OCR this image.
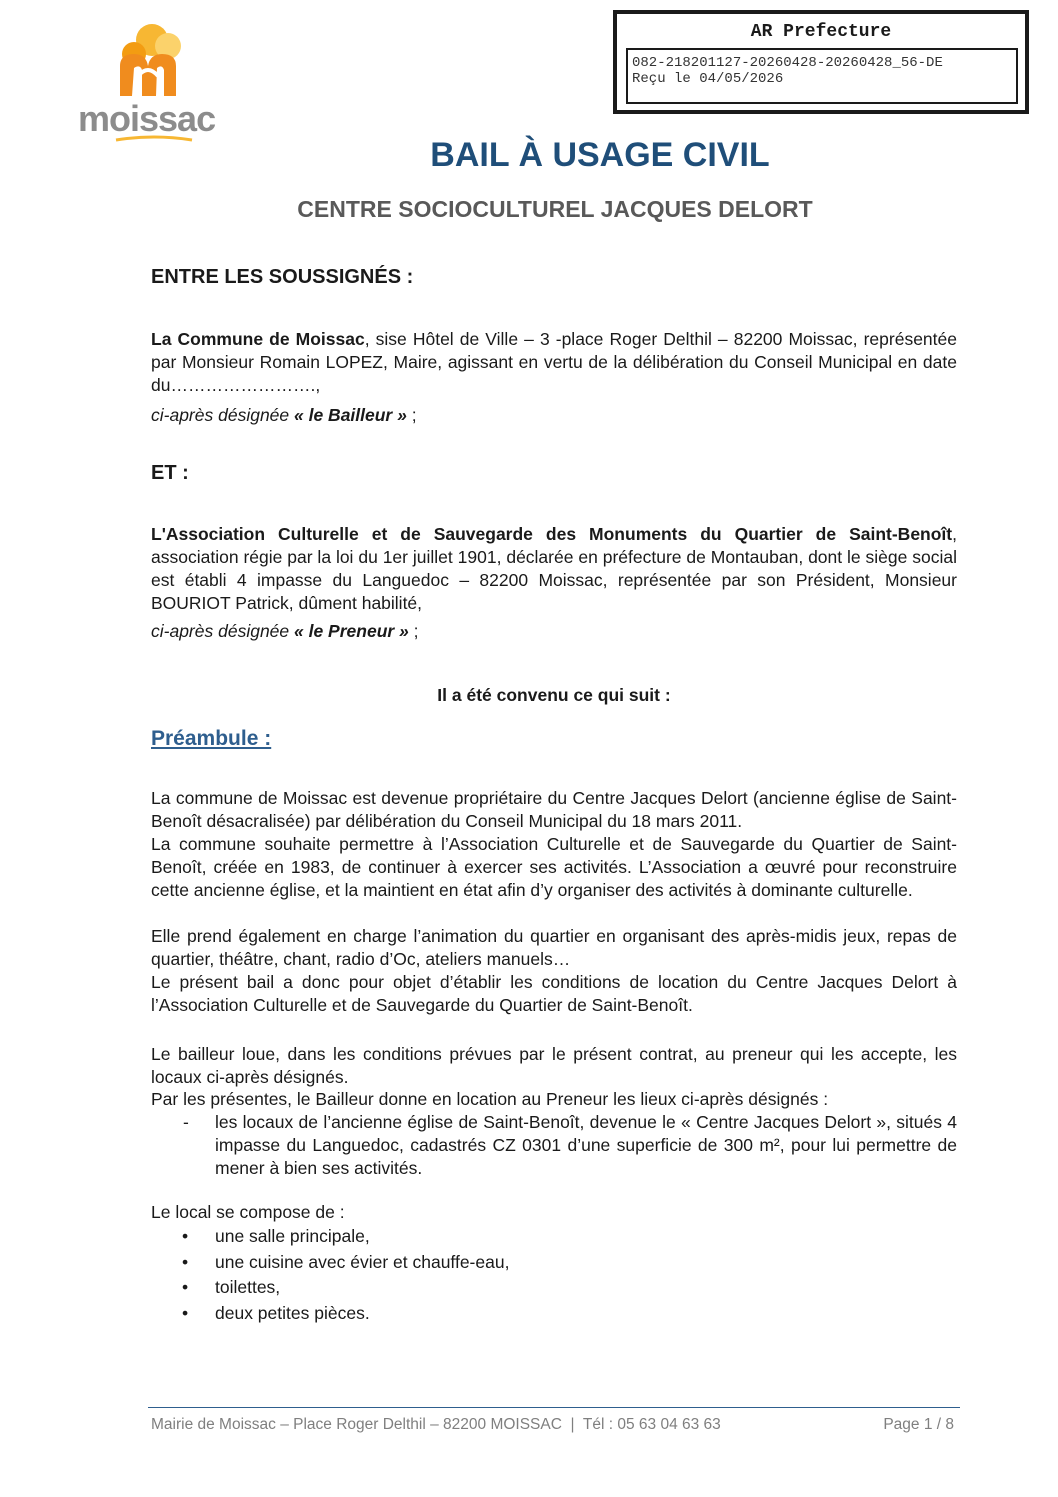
moissac
AR Prefecture
082-218201127-20260428-20260428_56-DE
Reçu le 04/05/2026
BAIL À USAGE CIVIL
CENTRE SOCIOCULTUREL JACQUES DELORT
ENTRE LES SOUSSIGNÉS :
La Commune de Moissac, sise Hôtel de Ville – 3 -place Roger Delthil – 82200 Moissac, représentée par Monsieur Romain LOPEZ, Maire, agissant en vertu de la délibération du Conseil Municipal en date du…………………….,
ci-après désignée « le Bailleur » ;
ET :
L'Association Culturelle et de Sauvegarde des Monuments du Quartier de Saint-Benoît, association régie par la loi du 1er juillet 1901, déclarée en préfecture de Montauban, dont le siège social est établi 4 impasse du Languedoc – 82200 Moissac, représentée par son Président, Monsieur BOURIOT Patrick, dûment habilité,
ci-après désignée « le Preneur » ;
Il a été convenu ce qui suit :
Préambule :
La commune de Moissac est devenue propriétaire du Centre Jacques Delort (ancienne église de Saint-Benoît désacralisée) par délibération du Conseil Municipal du 18 mars 2011.
La commune souhaite permettre à l’Association Culturelle et de Sauvegarde du Quartier de Saint-Benoît, créée en 1983, de continuer à exercer ses activités. L’Association a œuvré pour reconstruire cette ancienne église, et la maintient en état afin d’y organiser des activités à dominante culturelle.
Elle prend également en charge l’animation du quartier en organisant des après-midis jeux, repas de quartier, théâtre, chant, radio d’Oc, ateliers manuels…
Le présent bail a donc pour objet d’établir les conditions de location du Centre Jacques Delort à l’Association Culturelle et de Sauvegarde du Quartier de Saint-Benoît.
Le bailleur loue, dans les conditions prévues par le présent contrat, au preneur qui les accepte, les locaux ci-après désignés.
Par les présentes, le Bailleur donne en location au Preneur les lieux ci-après désignés :
- les locaux de l’ancienne église de Saint-Benoît, devenue le « Centre Jacques Delort », situés 4 impasse du Languedoc, cadastrés CZ 0301 d’une superficie de 300 m², pour lui permettre de mener à bien ses activités.
Le local se compose de :
• une salle principale,
• une cuisine avec évier et chauffe-eau,
• toilettes,
• deux petites pièces.
Mairie de Moissac – Place Roger Delthil – 82200 MOISSAC  |  Tél : 05 63 04 63 63	Page 1 / 8
